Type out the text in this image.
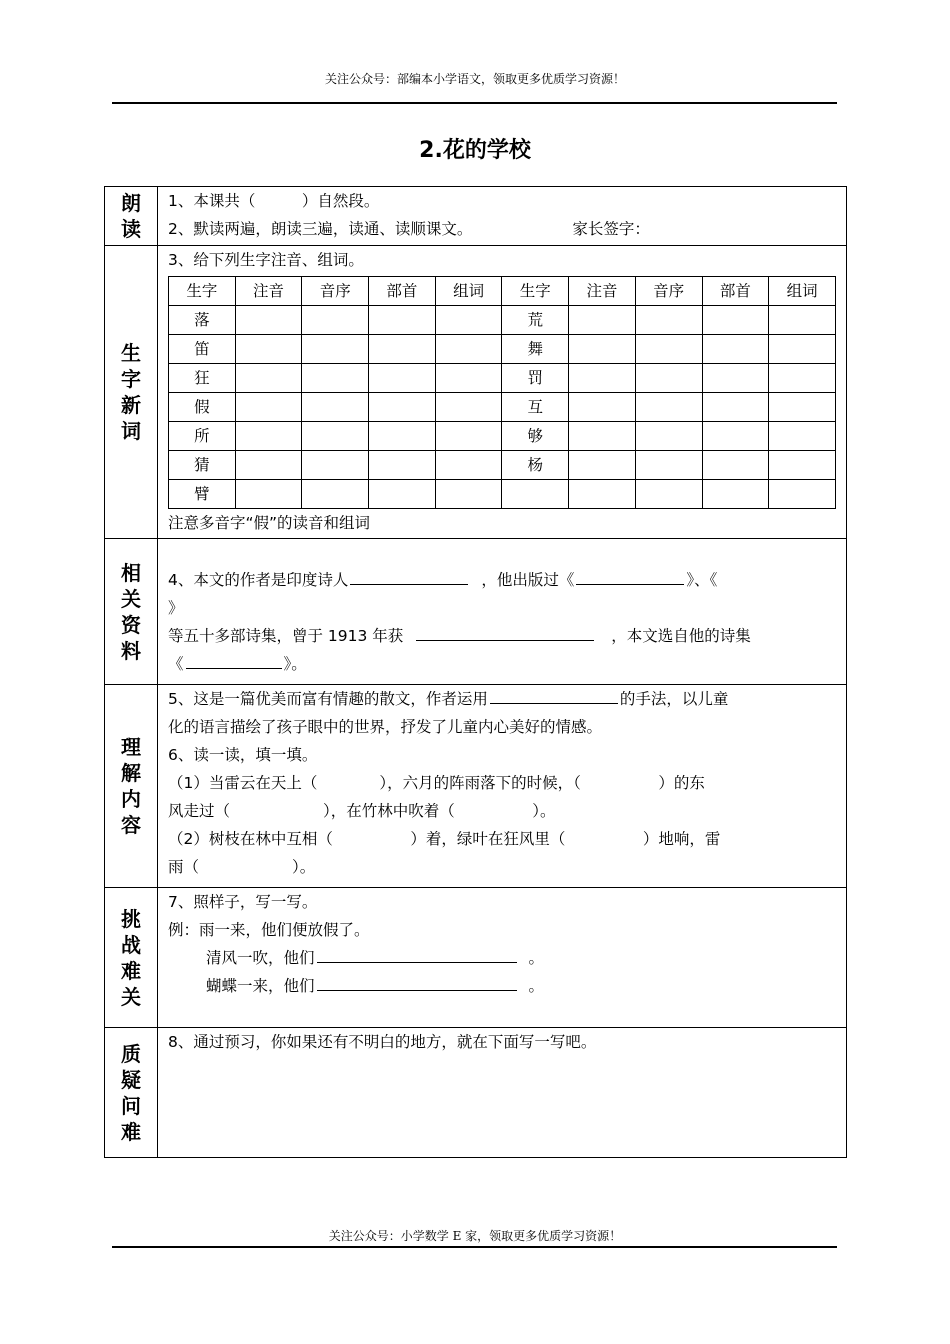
关注公众号：部编本小学语文，领取更多优质学习资源！
2.花的学校
朗
读

1、本课共（　　　）自然段。
2、默读两遍，朗读三遍，读通、读顺课文。	家长签字：

生
字
新
词

3、给下列生字注音、组词。
生字	注音	音序	部首	组词	生字	注音	音序	部首	组词
落					荒				
笛					舞				
狂					罚				
假					互				
所					够				
猜					杨				
臂									
注意多音字“假”的读音和组词

相
关
资
料

4、本文的作者是印度诗人	，他出版过《	》、《
》
等五十多部诗集，曾于 1913 年获	，本文选自他的诗集
《	》。

理
解
内
容

5、这是一篇优美而富有情趣的散文，作者运用	的手法，以儿童
化的语言描绘了孩子眼中的世界，抒发了儿童内心美好的情感。
6、读一读，填一填。
（1）当雷云在天上（　　　　），六月的阵雨落下的时候，（　　　　　）的东
风走过（　　　　　　），在竹林中吹着（　　　　　）。
（2）树枝在林中互相（　　　　　）着，绿叶在狂风里（　　　　　）地响，雷
雨（　　　　　　）。

挑
战
难
关

7、照样子，写一写。
例：雨一来，他们便放假了。
清风一吹，他们	。
蝴蝶一来，他们	。

质
疑
问
难

8、通过预习，你如果还有不明白的地方，就在下面写一写吧。
关注公众号：小学数学 E 家，领取更多优质学习资源！
